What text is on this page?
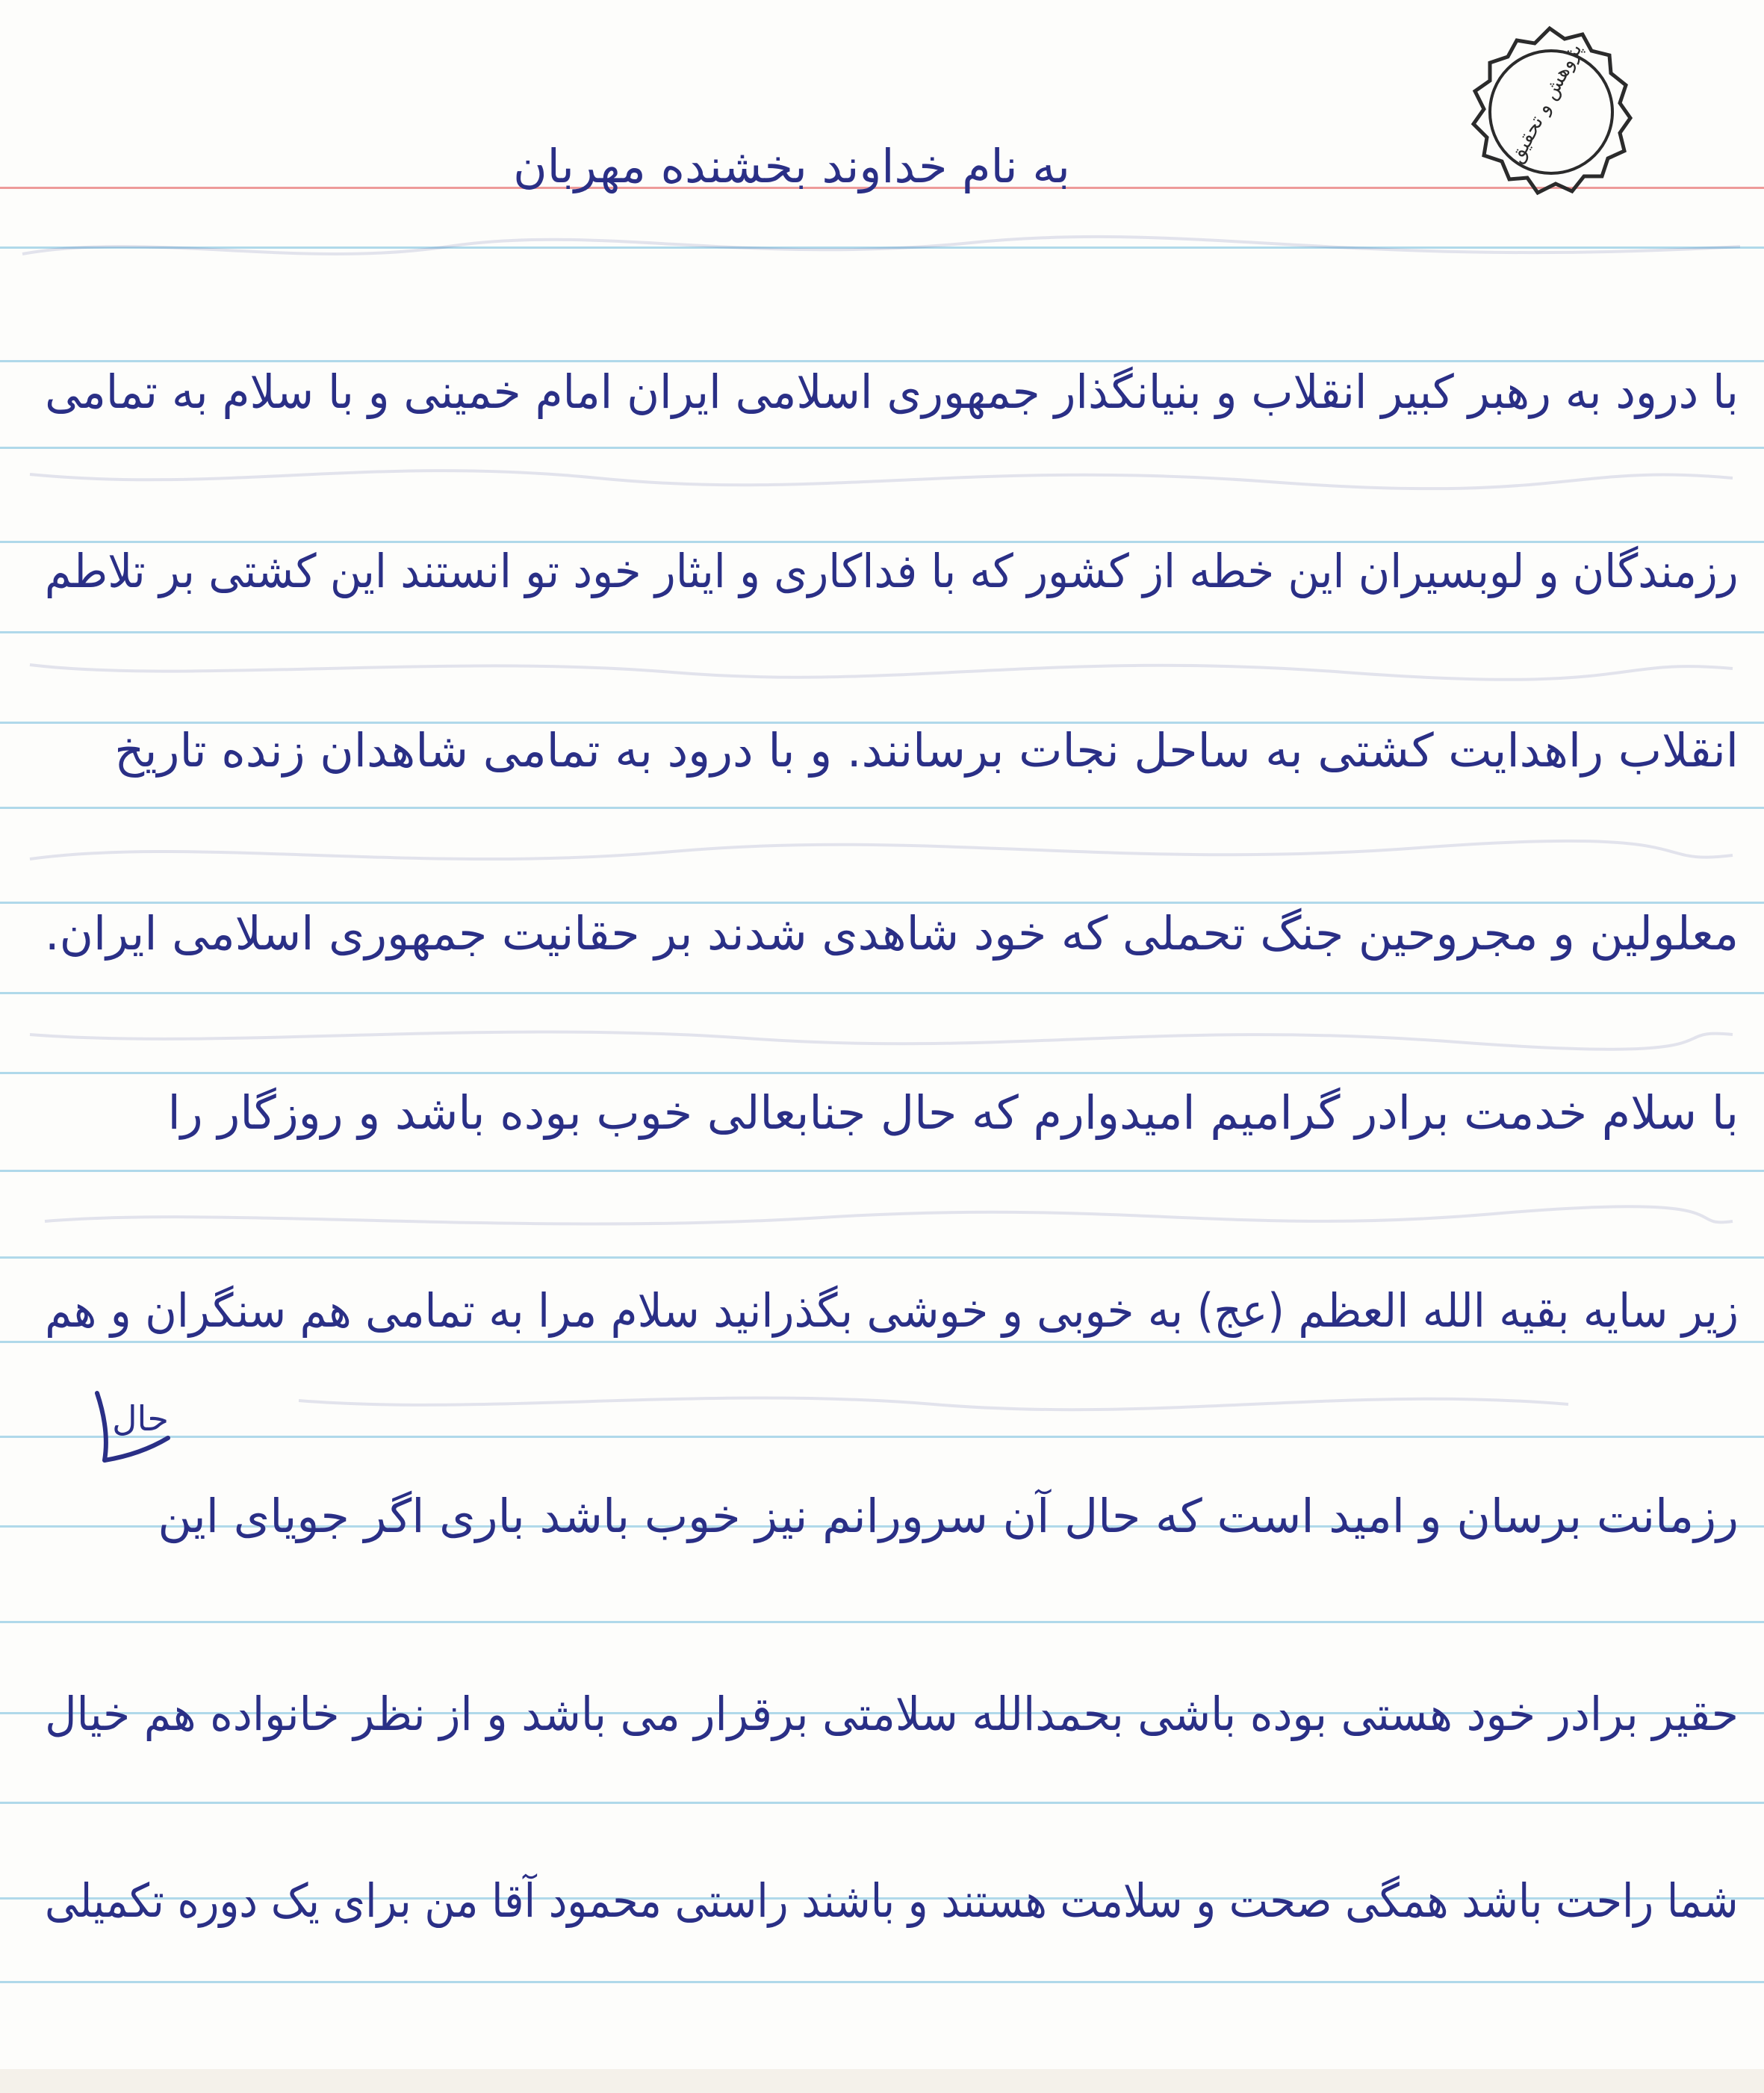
پژوهش و تحقیق
به نام خداوند بخشنده مهربان
با درود به رهبر کبیر انقلاب و بنیانگذار جمهوری اسلامی ایران امام خمینی و با سلام به تمامی
رزمندگان و لوبسیران این خطه از کشور که با فداکاری و ایثار خود تو انستند این کشتی بر تلاطم
انقلاب راهدایت کشتی به ساحل نجات برسانند. و با درود به تمامی شاهدان زنده تاریخ
معلولین و مجروحین جنگ تحملی که خود شاهدی شدند بر حقانیت جمهوری اسلامی ایران.
با سلام خدمت برادر گرامیم امیدوارم که حال جنابعالی خوب بوده باشد و روزگار را
زیر سایه بقیه الله العظم (عج) به خوبی و خوشی بگذرانید سلام مرا به تمامی هم سنگران و هم
رزمانت برسان و امید است که حال آن سرورانم نیز خوب باشد باری اگر جویای این
حقیر برادر خود هستی بوده باشی بحمدالله سلامتی برقرار می باشد و از نظر خانواده هم خیال
شما راحت باشد همگی صحت و سلامت هستند و باشند راستی محمود آقا من برای یک دوره تکمیلی
حال
